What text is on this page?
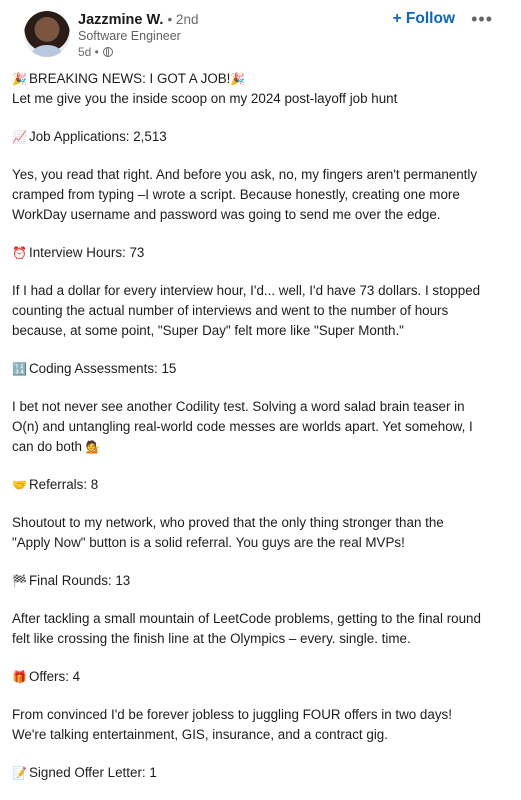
Jazzmine W. • 2nd
Software Engineer
5d •
+ Follow •••
🎉 BREAKING NEWS: I GOT A JOB!🎉
Let me give you the inside scoop on my 2024 post-layoff job hunt
📈 Job Applications: 2,513
Yes, you read that right. And before you ask, no, my fingers aren't permanently
cramped from typing –I wrote a script. Because honestly, creating one more
WorkDay username and password was going to send me over the edge.
⏰ Interview Hours: 73
If I had a dollar for every interview hour, I'd... well, I'd have 73 dollars. I stopped
counting the actual number of interviews and went to the number of hours
because, at some point, "Super Day" felt more like "Super Month."
🔢 Coding Assessments: 15
I bet not never see another Codility test. Solving a word salad brain teaser in
O(n) and untangling real-world code messes are worlds apart. Yet somehow, I
can do both 💁
🤝 Referrals: 8
Shoutout to my network, who proved that the only thing stronger than the
"Apply Now" button is a solid referral. You guys are the real MVPs!
🏁 Final Rounds: 13
After tackling a small mountain of LeetCode problems, getting to the final round
felt like crossing the finish line at the Olympics – every. single. time.
🎁 Offers: 4
From convinced I'd be forever jobless to juggling FOUR offers in two days!
We're talking entertainment, GIS, insurance, and a contract gig.
📝 Signed Offer Letter: 1
